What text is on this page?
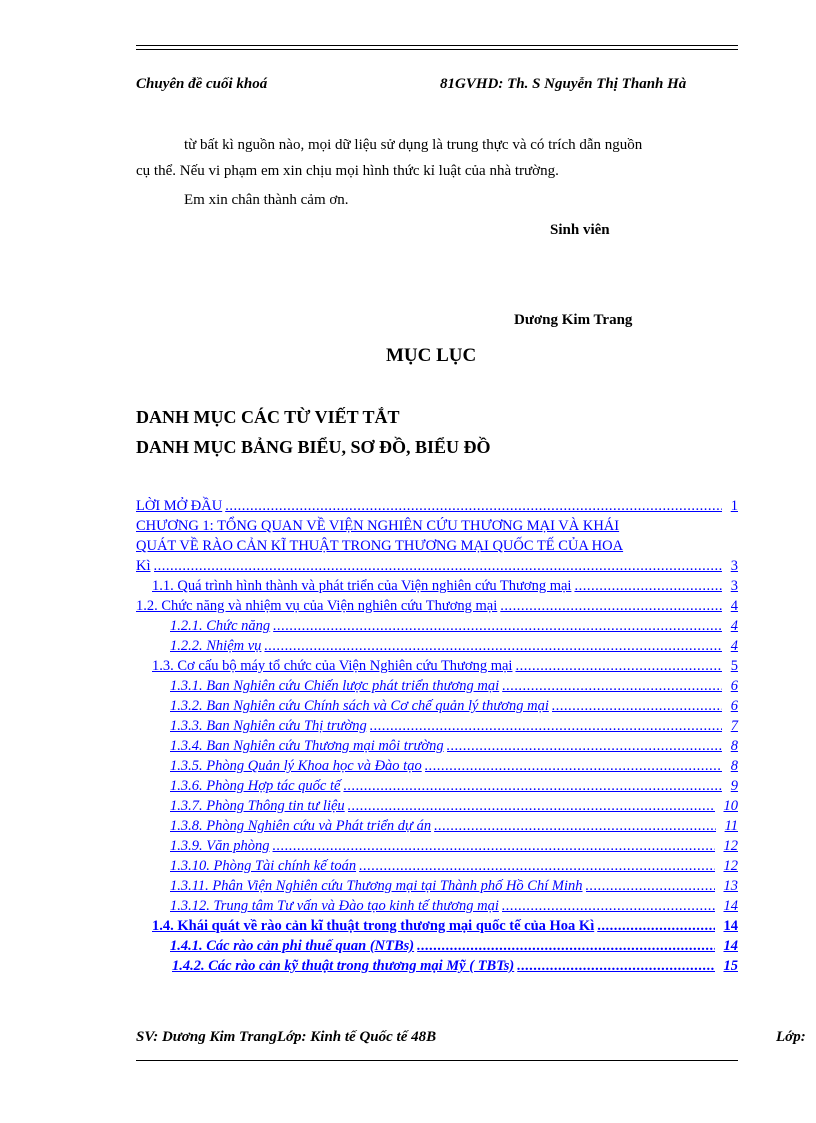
Chuyên đề cuối khoá	81GVHD: Th. S Nguyễn Thị Thanh Hà
từ bất kì nguồn nào, mọi dữ liệu sử dụng là trung thực và có trích dẫn nguồn
cụ thể. Nếu vi phạm em xin chịu mọi hình thức kỉ luật của nhà trường.
Em xin chân thành cảm ơn.
Sinh viên
Dương Kim Trang
MỤC LỤC
DANH MỤC CÁC TỪ VIẾT TẮT
DANH MỤC BẢNG BIỂU, SƠ ĐỒ, BIỂU ĐỒ
LỜI MỞ ĐẦU .....	1
CHƯƠNG 1: TỔNG QUAN VỀ VIỆN NGHIÊN CỨU THƯƠNG MẠI VÀ KHÁI
QUÁT VỀ RÀO CẢN KĨ THUẬT TRONG THƯƠNG MẠI QUỐC TẾ CỦA HOA
Kì .....	3
1.1. Quá trình hình thành và phát triển của Viện nghiên cứu Thương mại .....	3
1.2. Chức năng và nhiệm vụ của Viện nghiên cứu Thương mại .....	4
1.2.1. Chức năng .....	4
1.2.2. Nhiệm vụ .....	4
1.3. Cơ cấu bộ máy tổ chức của Viện Nghiên cứu Thương mại .....	5
1.3.1. Ban Nghiên cứu Chiến lược phát triển thương mại .....	6
1.3.2. Ban Nghiên cứu Chính sách và Cơ chế quản lý thương mại .....	6
1.3.3. Ban Nghiên cứu Thị trường .....	7
1.3.4. Ban Nghiên cứu Thương mại môi trường .....	8
1.3.5. Phòng Quản lý Khoa học và Đào tạo .....	8
1.3.6. Phòng Hợp tác quốc tế .....	9
1.3.7. Phòng Thông tin tư liệu .....	10
1.3.8. Phòng Nghiên cứu và Phát triển dự án .....	11
1.3.9. Văn phòng .....	12
1.3.10. Phòng Tài chính kế toán .....	12
1.3.11. Phân Viện Nghiên cứu Thương mại tại Thành phố Hồ Chí Minh .....	13
1.3.12. Trung tâm Tư vấn và Đào tạo kinh tế thương mại .....	14
1.4. Khái quát về rào cản kĩ thuật trong thương mại quốc tế của Hoa Kì .....	14
1.4.1. Các rào cản phi thuế quan (NTBs) .....	14
1.4.2. Các rào cản kỹ thuật trong thương mại Mỹ ( TBTs) .....	15
SV: Dương Kim TrangLớp: Kinh tế Quốc tế 48B	Lớp:
